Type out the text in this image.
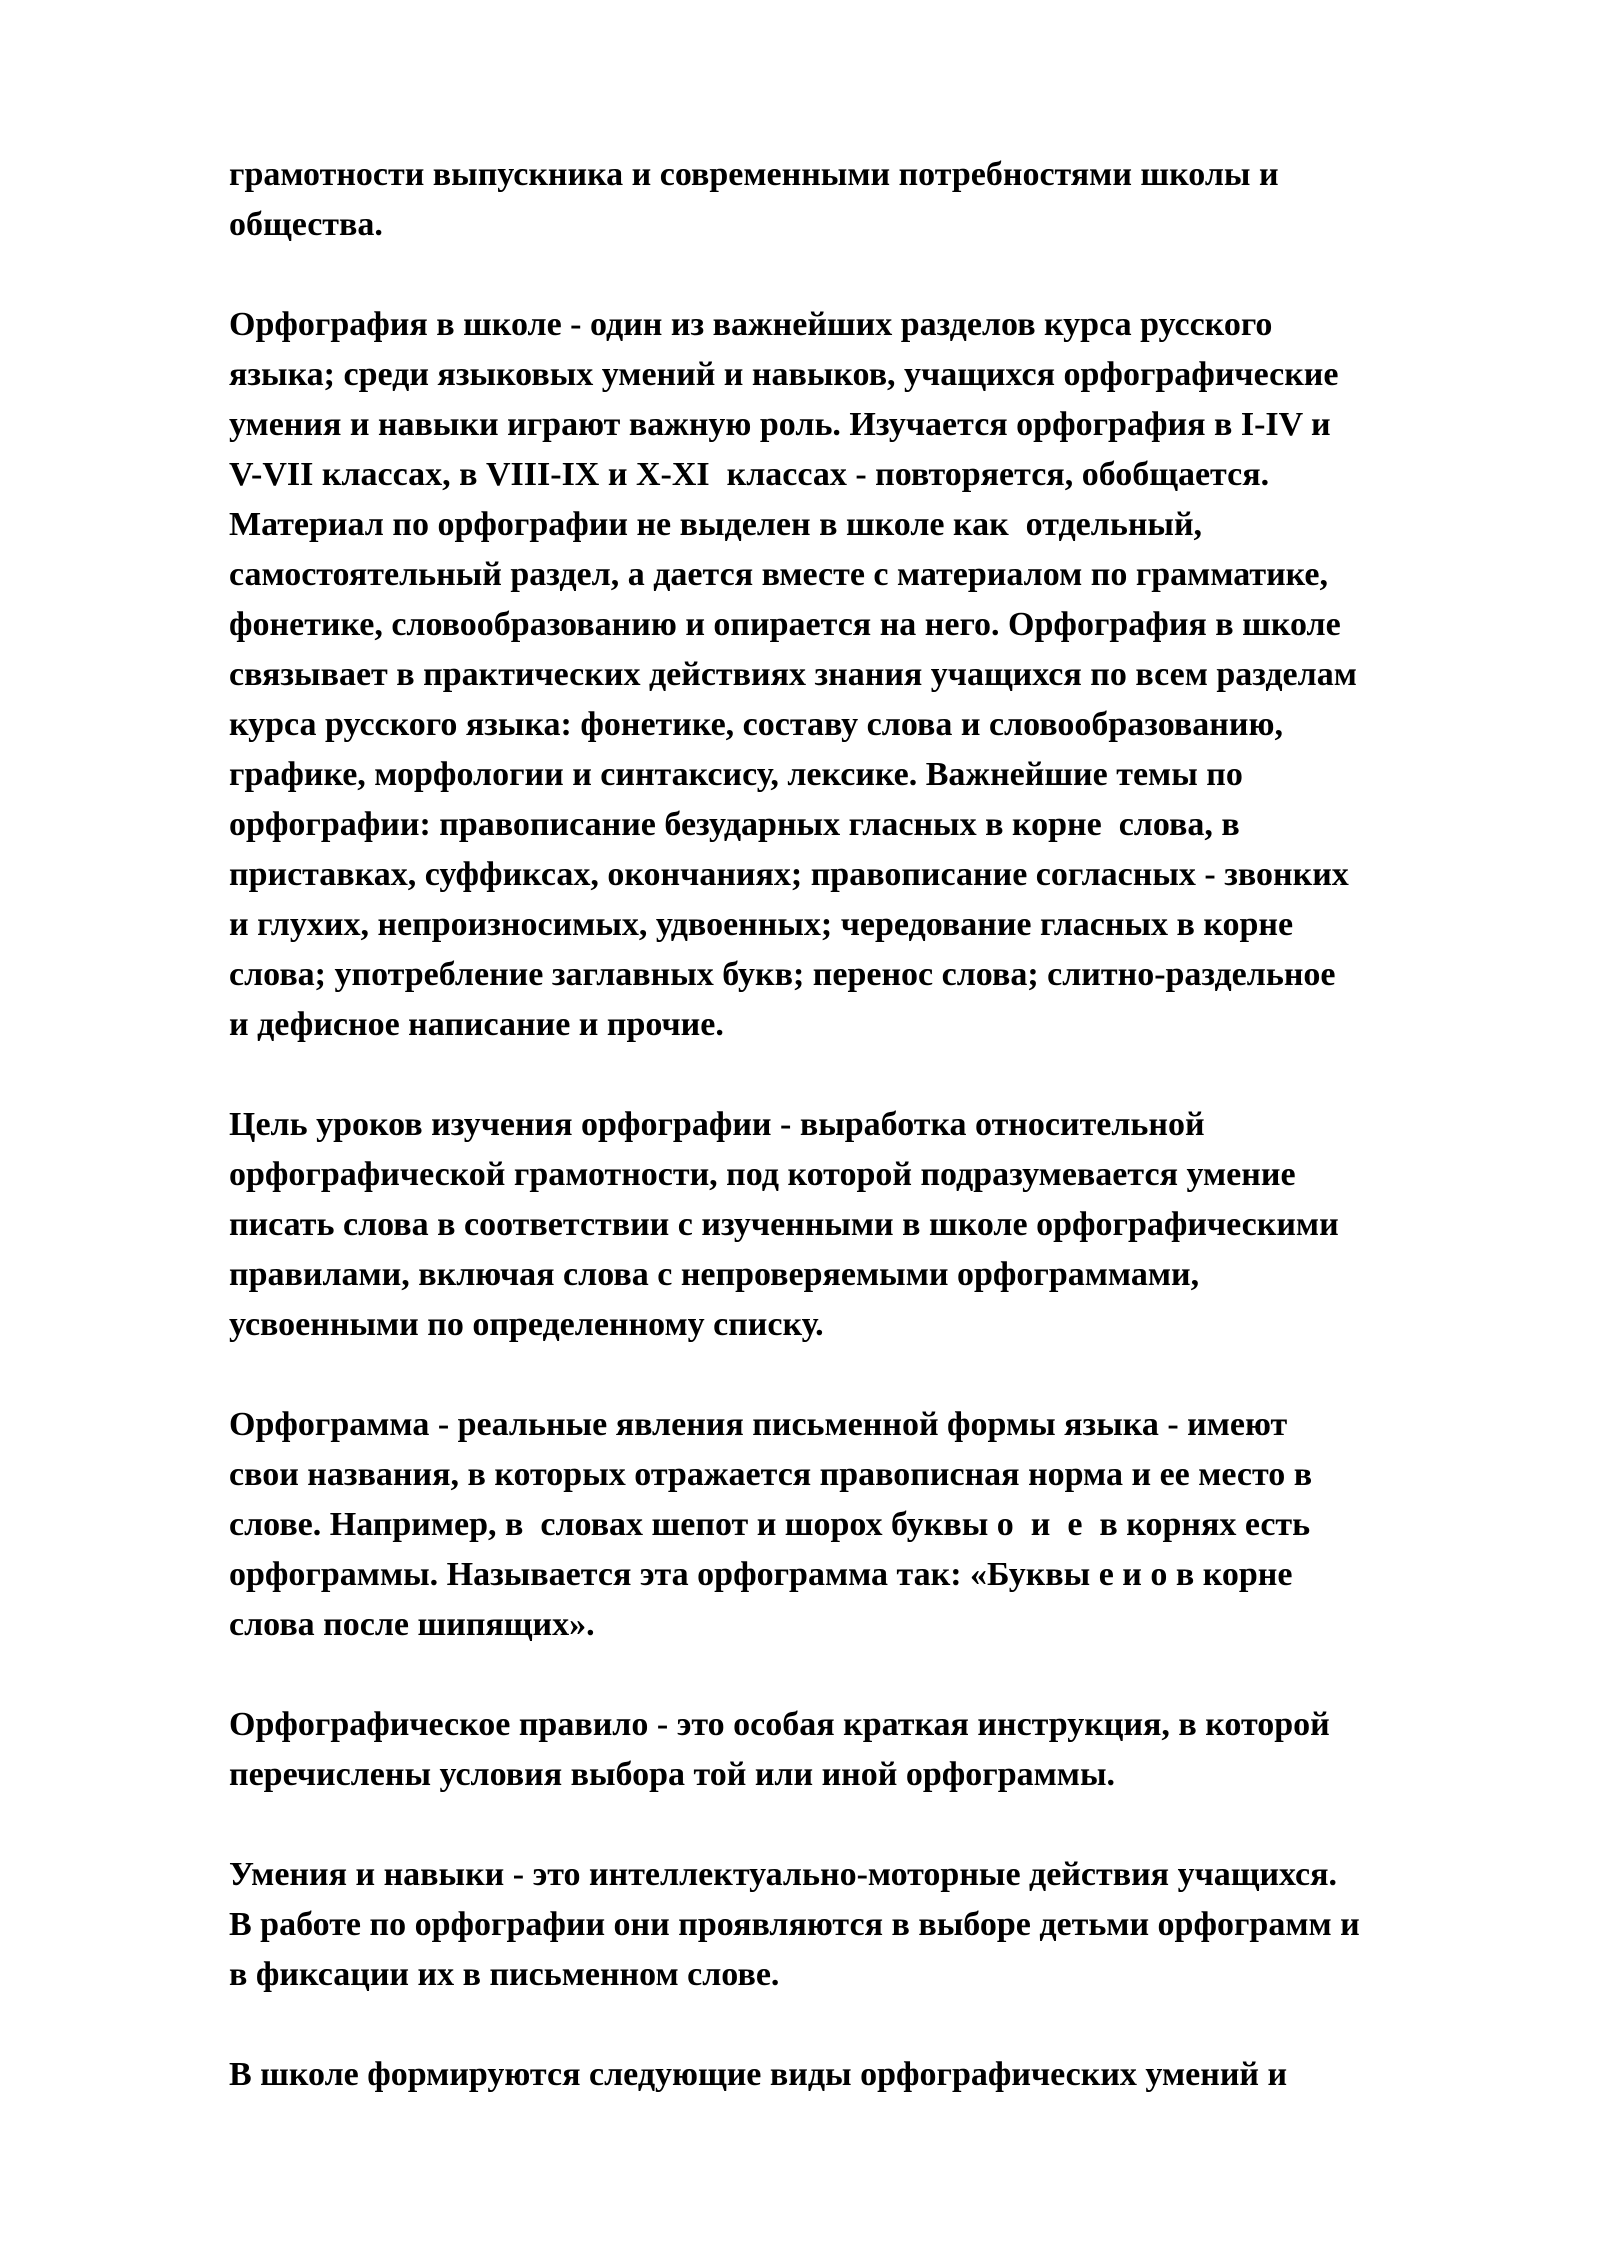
грамотности выпускника и современными потребностями школы и
общества.
Орфография в школе - один из важнейших разделов курса русского
языка; среди языковых умений и навыков, учащихся орфографические
умения и навыки играют важную роль. Изучается орфография в I-IV и
V-VII классах, в VIII-IX и X-XI  классах - повторяется, обобщается.
Материал по орфографии не выделен в школе как  отдельный,
самостоятельный раздел, а дается вместе с материалом по грамматике,
фонетике, словообразованию и опирается на него. Орфография в школе
связывает в практических действиях знания учащихся по всем разделам
курса русского языка: фонетике, составу слова и словообразованию,
графике, морфологии и синтаксису, лексике. Важнейшие темы по
орфографии: правописание безударных гласных в корне  слова, в
приставках, суффиксах, окончаниях; правописание согласных - звонких
и глухих, непроизносимых, удвоенных; чередование гласных в корне
слова; употребление заглавных букв; перенос слова; слитно-раздельное
и дефисное написание и прочие.
Цель уроков изучения орфографии - выработка относительной
орфографической грамотности, под которой подразумевается умение
писать слова в соответствии с изученными в школе орфографическими
правилами, включая слова с непроверяемыми орфограммами,
усвоенными по определенному списку.
Орфограмма - реальные явления письменной формы языка - имеют
свои названия, в которых отражается правописная норма и ее место в
слове. Например, в  словах шепот и шорох буквы о  и  е  в корнях есть
орфограммы. Называется эта орфограмма так: «Буквы е и о в корне
слова после шипящих».
Орфографическое правило - это особая краткая инструкция, в которой
перечислены условия выбора той или иной орфограммы.
Умения и навыки - это интеллектуально-моторные действия учащихся.
В работе по орфографии они проявляются в выборе детьми орфограмм и
в фиксации их в письменном слове.
В школе формируются следующие виды орфографических умений и
